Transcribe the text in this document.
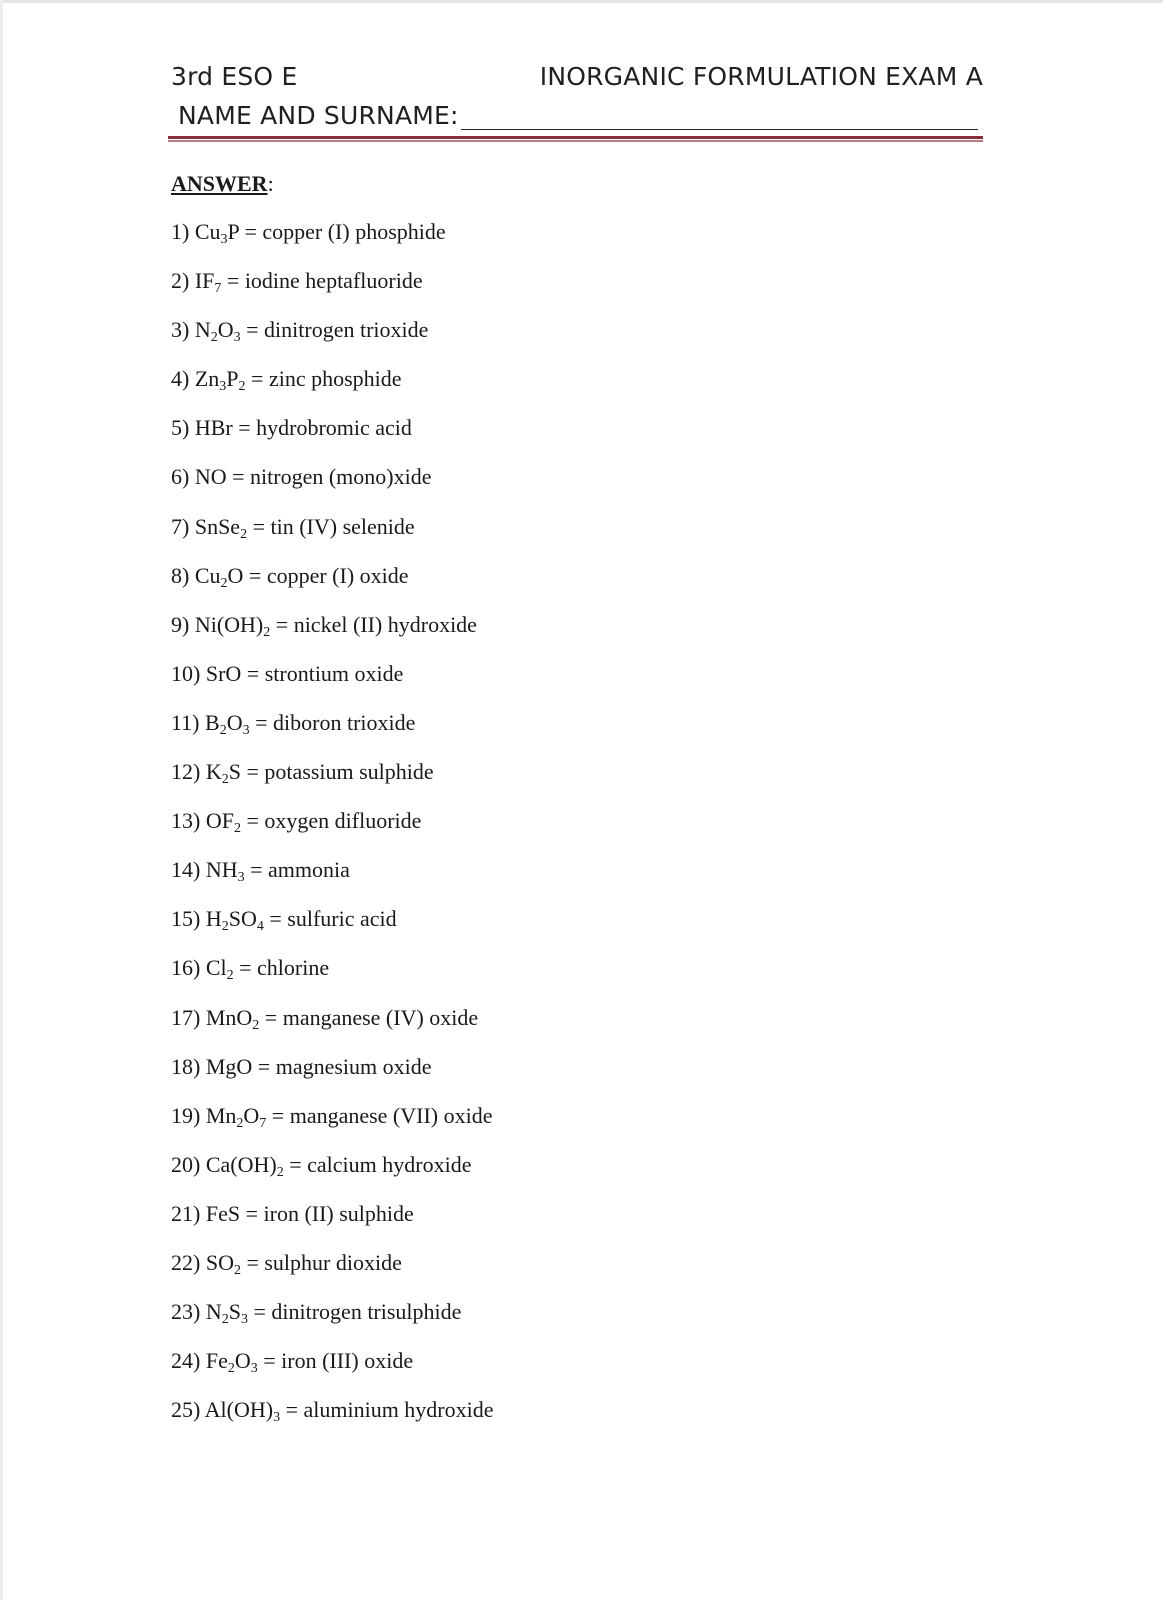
3rd ESO E	INORGANIC FORMULATION EXAM A
NAME AND SURNAME:
ANSWER:
1) $Cu_3P$ = copper (I) phosphide
2) $IF_7$ = iodine heptafluoride
3) $N_2O_3$ = dinitrogen trioxide
4) $Zn_3P_2$ = zinc phosphide
5) HBr = hydrobromic acid
6) NO = nitrogen (mono)xide
7) SnSe$_2$ = tin (IV) selenide
8) $Cu_2O$ = copper (I) oxide
9) $Ni(OH)_2$ = nickel (II) hydroxide
10) SrO = strontium oxide
11) $B_2O_3$ = diboron trioxide
12) $K_2S$ = potassium sulphide
13) $OF_2$ = oxygen difluoride
14) $NH_3$ = ammonia
15) $H_2SO_4$ = sulfuric acid
16) $Cl_2$ = chlorine
17) MnO$_2$ = manganese (IV) oxide
18) MgO = magnesium oxide
19) $Mn_2O_7$ = manganese (VII) oxide
20) $Ca(OH)_2$ = calcium hydroxide
21) FeS = iron (II) sulphide
22) $SO_2$ = sulphur dioxide
23) $N_2S_3$ = dinitrogen trisulphide
24) $Fe_2O_3$ = iron (III) oxide
25) $Al(OH)_3$ = aluminium hydroxide
